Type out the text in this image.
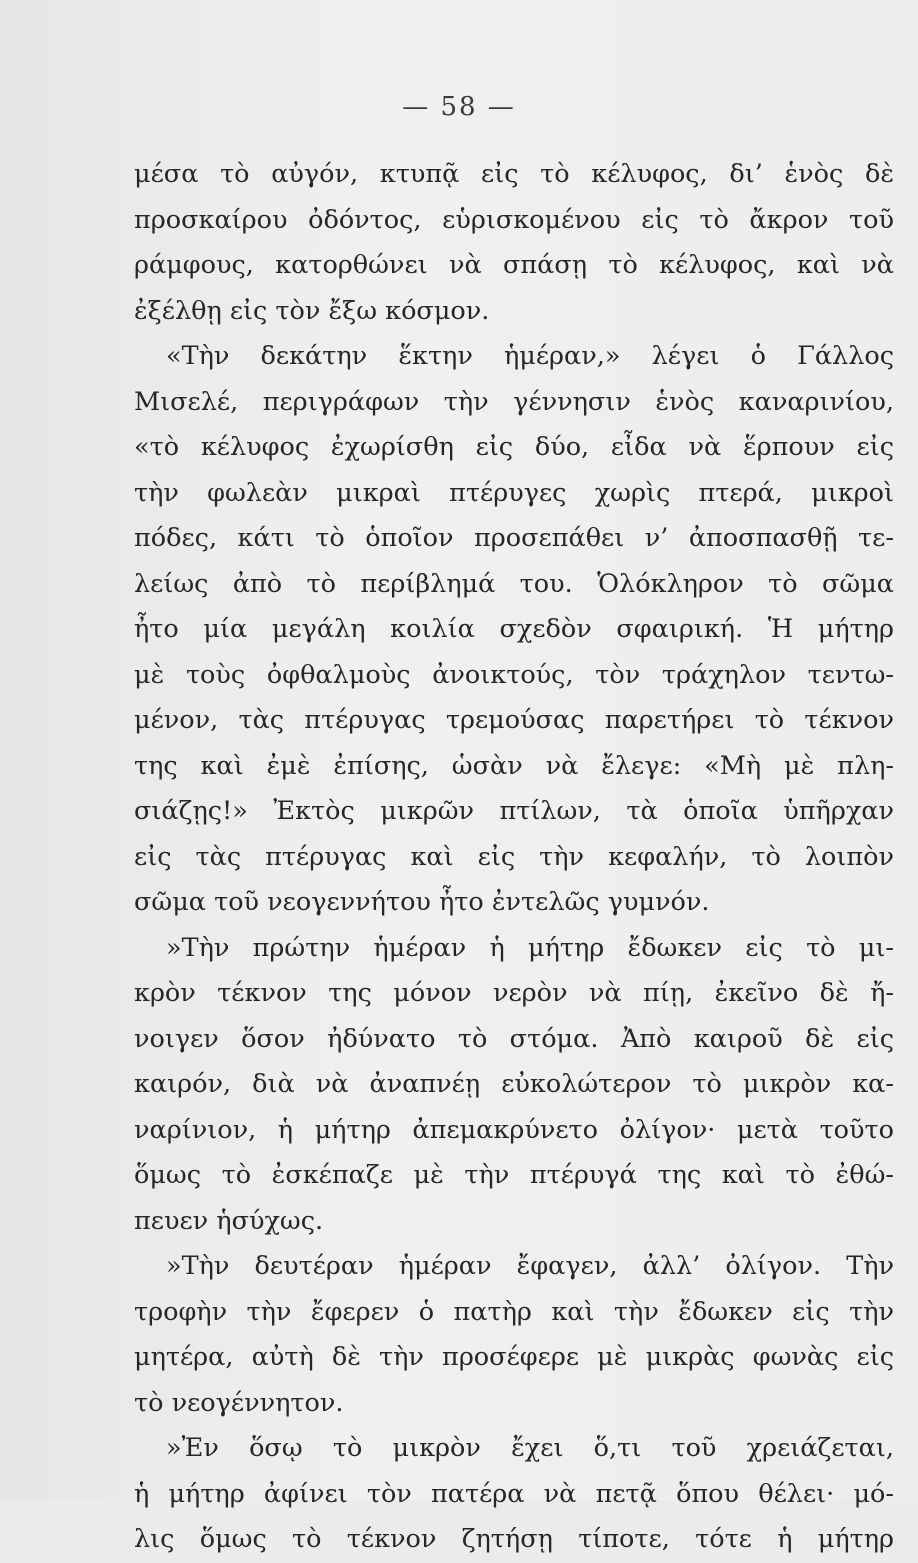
— 58 —
μέσα τὸ αὐγόν, κτυπᾷ εἰς τὸ κέλυφος, δι’ ἑνὸς δὲ
προσκαίρου ὀδόντος, εὑρισκομένου εἰς τὸ ἄκρον τοῦ
ράμφους, κατορθώνει νὰ σπάσῃ τὸ κέλυφος, καὶ νὰ
ἐξέλθῃ εἰς τὸν ἔξω κόσμον.
«Τὴν δεκάτην ἕκτην ἡμέραν,» λέγει ὁ Γάλλος
Μισελέ, περιγράφων τὴν γέννησιν ἑνὸς καναρινίου,
«τὸ κέλυφος ἐχωρίσθη εἰς δύο, εἶδα νὰ ἕρπουν εἰς
τὴν φωλεὰν μικραὶ πτέρυγες χωρὶς πτερά, μικροὶ
πόδες, κάτι τὸ ὁποῖον προσεπάθει ν’ ἀποσπασθῇ τε-
λείως ἀπὸ τὸ περίβλημά του. Ὁλόκληρον τὸ σῶμα
ἦτο μία μεγάλη κοιλία σχεδὸν σφαιρική. Ἡ μήτηρ
μὲ τοὺς ὀφθαλμοὺς ἀνοικτούς, τὸν τράχηλον τεντω-
μένον, τὰς πτέρυγας τρεμούσας παρετήρει τὸ τέκνον
της καὶ ἐμὲ ἐπίσης, ὡσὰν νὰ ἔλεγε: «Μὴ μὲ πλη-
σιάζῃς!» Ἐκτὸς μικρῶν πτίλων, τὰ ὁποῖα ὑπῆρχαν
εἰς τὰς πτέρυγας καὶ εἰς τὴν κεφαλήν, τὸ λοιπὸν
σῶμα τοῦ νεογεννήτου ἦτο ἐντελῶς γυμνόν.
»Τὴν πρώτην ἡμέραν ἡ μήτηρ ἔδωκεν εἰς τὸ μι-
κρὸν τέκνον της μόνον νερὸν νὰ πίῃ, ἐκεῖνο δὲ ἤ-
νοιγεν ὅσον ἠδύνατο τὸ στόμα. Ἀπὸ καιροῦ δὲ εἰς
καιρόν, διὰ νὰ ἀναπνέῃ εὐκολώτερον τὸ μικρὸν κα-
ναρίνιον, ἡ μήτηρ ἀπεμακρύνετο ὀλίγον· μετὰ τοῦτο
ὅμως τὸ ἐσκέπαζε μὲ τὴν πτέρυγά της καὶ τὸ ἐθώ-
πευεν ἡσύχως.
»Τὴν δευτέραν ἡμέραν ἔφαγεν, ἀλλ’ ὀλίγον. Τὴν
τροφὴν τὴν ἔφερεν ὁ πατὴρ καὶ τὴν ἔδωκεν εἰς τὴν
μητέρα, αὐτὴ δὲ τὴν προσέφερε μὲ μικρὰς φωνὰς εἰς
τὸ νεογέννητον.
»Ἐν ὅσῳ τὸ μικρὸν ἔχει ὅ,τι τοῦ χρειάζεται,
ἡ μήτηρ ἀφίνει τὸν πατέρα νὰ πετᾷ ὅπου θέλει· μό-
λις ὅμως τὸ τέκνον ζητήσῃ τίποτε, τότε ἡ μήτηρ
